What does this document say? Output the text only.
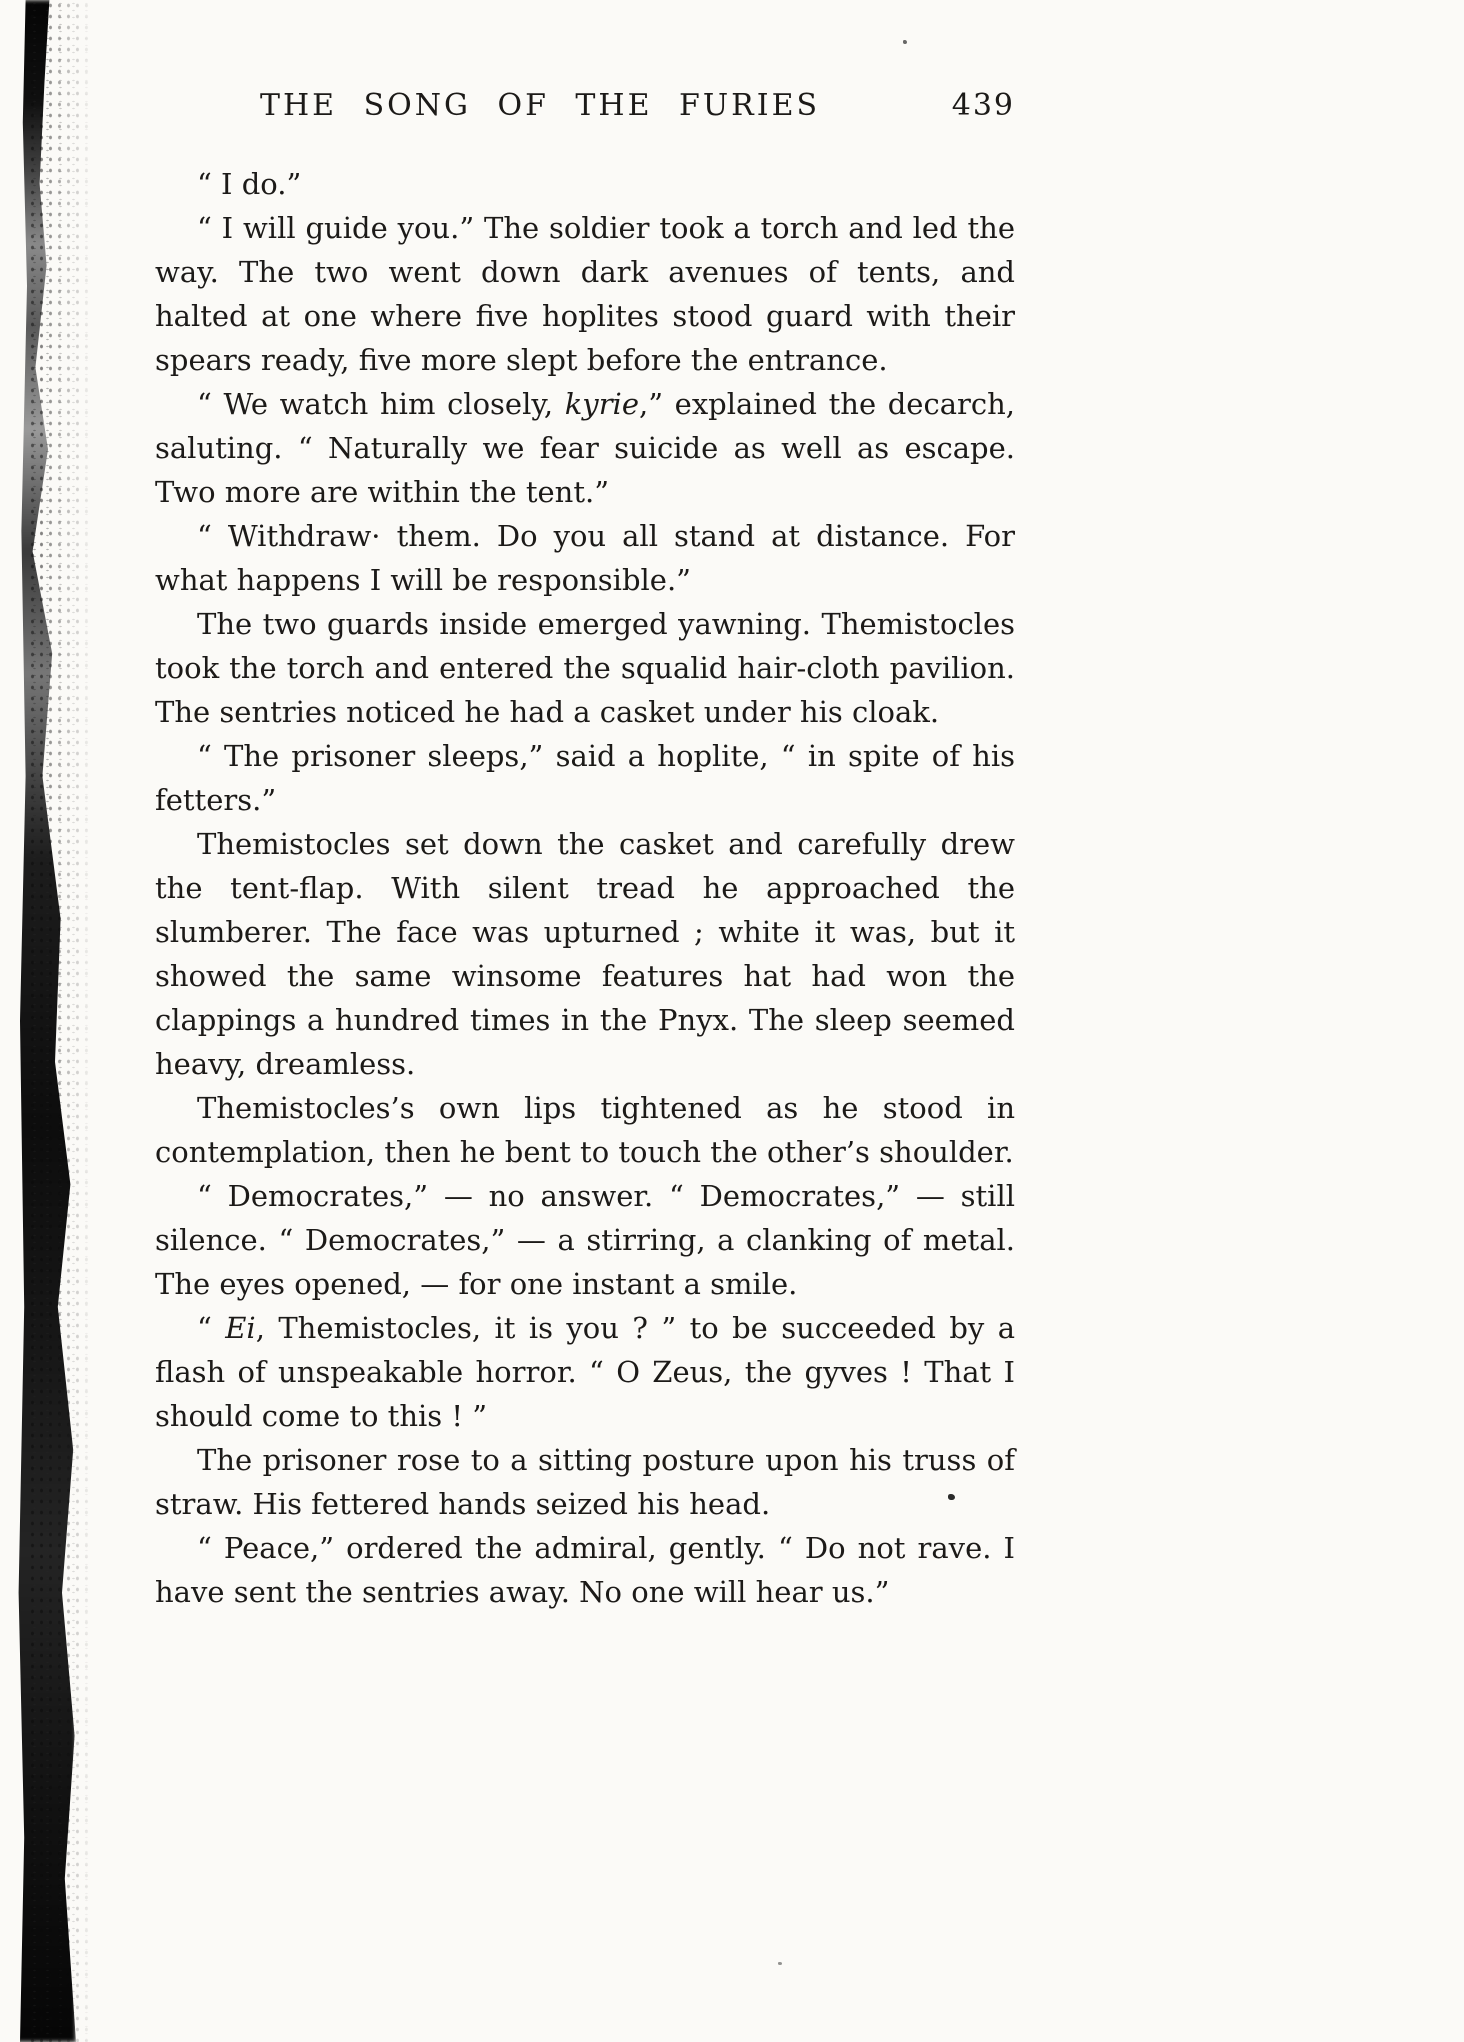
THE SONG OF THE FURIES	439

“ I do.”

“ I will guide you.” The soldier took a torch and led the way. The two went down dark avenues of tents, and halted at one where five hoplites stood guard with their spears ready, five more slept before the entrance.

“ We watch him closely, kyrie,” explained the decarch, saluting. “ Naturally we fear suicide as well as escape. Two more are within the tent.”

“ Withdraw· them. Do you all stand at distance. For what happens I will be responsible.”

The two guards inside emerged yawning. Themistocles took the torch and entered the squalid hair-cloth pavilion. The sentries noticed he had a casket under his cloak.

“ The prisoner sleeps,” said a hoplite, “ in spite of his fetters.”

Themistocles set down the casket and carefully drew the tent-flap. With silent tread he approached the slumberer. The face was upturned ; white it was, but it showed the same winsome features hat had won the clappings a hundred times in the Pnyx. The sleep seemed heavy, dreamless.

Themistocles’s own lips tightened as he stood in contemplation, then he bent to touch the other’s shoulder.

“ Democrates,” — no answer. “ Democrates,” — still silence. “ Democrates,” — a stirring, a clanking of metal. The eyes opened, — for one instant a smile.

“ Ei, Themistocles, it is you ? ” to be succeeded by a flash of unspeakable horror. “ O Zeus, the gyves ! That I should come to this ! ”

The prisoner rose to a sitting posture upon his truss of straw. His fettered hands seized his head.

“ Peace,” ordered the admiral, gently. “ Do not rave. I have sent the sentries away. No one will hear us.”
